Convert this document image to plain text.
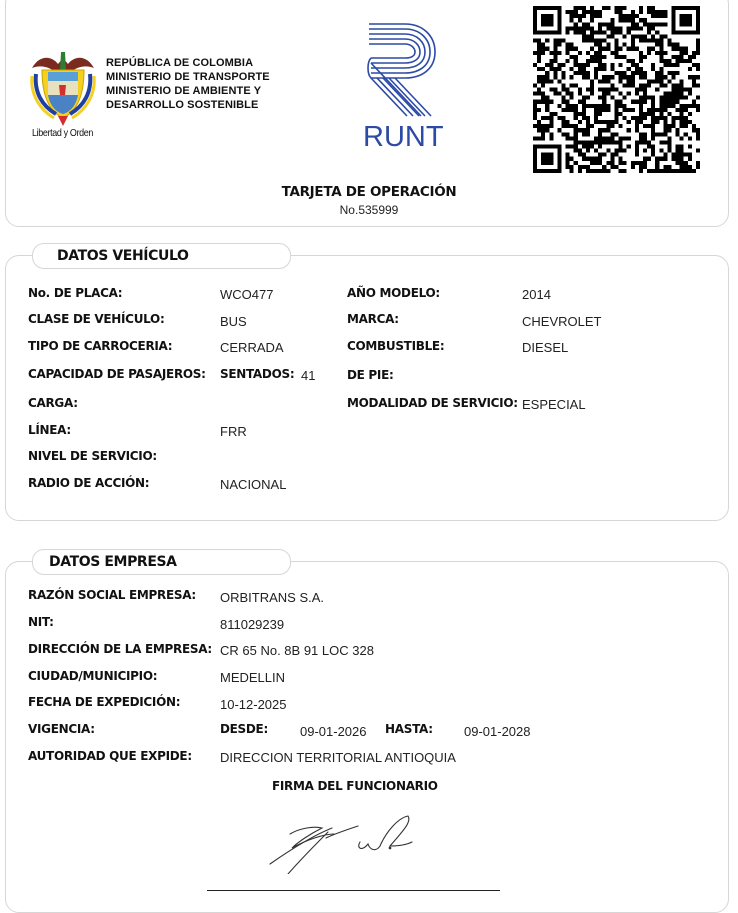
Libertad y Orden
REPÚBLICA DE COLOMBIA
MINISTERIO DE TRANSPORTE
MINISTERIO DE AMBIENTE Y
DESARROLLO SOSTENIBLE
RUNT
TARJETA DE OPERACIÓN
No.535999
DATOS VEHÍCULO
No. DE PLACA:	WCO477
CLASE DE VEHÍCULO:	BUS
TIPO DE CARROCERIA:	CERRADA
CAPACIDAD DE PASAJEROS: SENTADOS: 41
CARGA:
LÍNEA:	FRR
NIVEL DE SERVICIO:
RADIO DE ACCIÓN:	NACIONAL
AÑO MODELO:	2014
MARCA:	CHEVROLET
COMBUSTIBLE:	DIESEL
DE PIE:
MODALIDAD DE SERVICIO: ESPECIAL
DATOS EMPRESA
RAZÓN SOCIAL EMPRESA: ORBITRANS S.A.
NIT:	811029239
DIRECCIÓN DE LA EMPRESA: CR 65 No. 8B 91 LOC 328
CIUDAD/MUNICIPIO:	MEDELLIN
FECHA DE EXPEDICIÓN:	10-12-2025
VIGENCIA:	DESDE: 09-01-2026 HASTA: 09-01-2028
AUTORIDAD QUE EXPIDE: DIRECCION TERRITORIAL ANTIOQUIA
FIRMA DEL FUNCIONARIO
